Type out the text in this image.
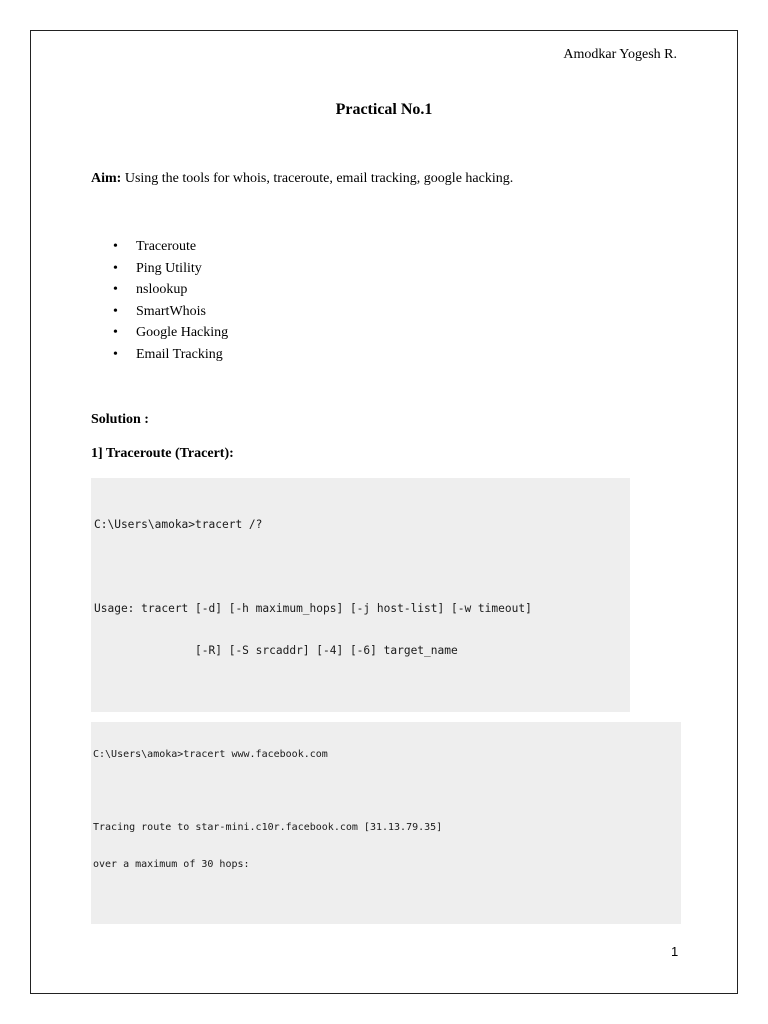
Amodkar Yogesh R.
Practical No.1
Aim: Using the tools for whois, traceroute, email tracking, google hacking.
• Traceroute
• Ping Utility
• nslookup
• SmartWhois
• Google Hacking
• Email Tracking
Solution :
1] Traceroute (Tracert):

C:\Users\amoka>tracert /?

Usage: tracert [-d] [-h maximum_hops] [-j host-list] [-w timeout]

[-R] [-S srcaddr] [-4] [-6] target_name

C:\Users\amoka>tracert www.facebook.com

Tracing route to star-mini.c10r.facebook.com [31.13.79.35]

over a maximum of 30 hops:

1
